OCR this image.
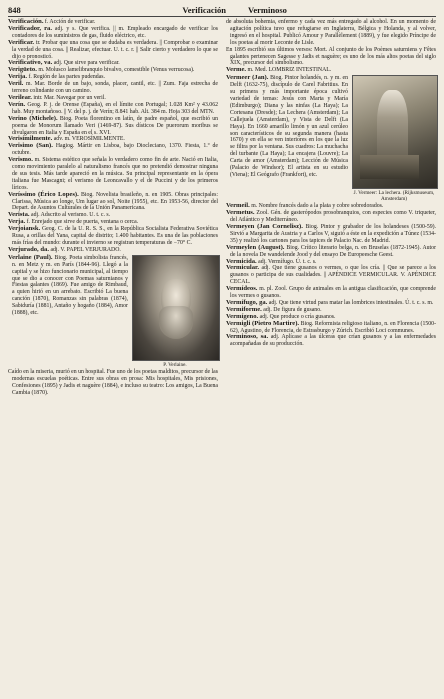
848	Verificación	Verminoso

Verificación. f. Acción de verificar.

Verificador, ra. adj. y s. Que verifica. || m. Empleado encargado de verificar los contadores de los suministros de gas, fluido eléctrico, etc.

Verificar. tr. Probar que una cosa que se dudaba es verdadera. || Comprobar o examinar la verdad de una cosa. || Realizar, efectuar. U. t. c. r. || Salir cierto y verdadero lo que se dijo o pronosticó.

Verificativo, va. adj. Que sirve para verificar.

Verigüeto. m. Molusco lamelibranquio bivalvo, comestible (Venus verrucosa).

Verija. f. Región de las partes pudendas.

Veril. m. Mar. Borde de un bajo, sonda, placer, cantil, etc. || Zum. Faja estrecha de terreno colindante con un camino.

Verilear. intr. Mar. Navegar por un veril.

Verín. Geog. P. j. de Orense (España), en el límite con Portugal; 1.028 Km² y 43.062 hab. Muy montañoso. || V. del p. j. de Verín; 8.841 hab. Alt. 384 m. Hoja 303 del MTN.

Verino (Michele). Biog. Poeta florentino en latín, de padre español, que escribió un poema de Monorum llamado Veri (1469-87). Sus dísticos De puerorum moribus se divulgaron en Italia y España en el s. XVI.

Verisímilmente. adv. m. VEROSÍMILMENTE.

Verisimo (San). Hagiog. Mártir en Lisboa, bajo Diocleciano, 1370. Fiesta, 1.º de octubre.

Verismo. m. Sistema estético que señala lo verdadero como fin de arte. Nació en Italia, como movimiento paralelo al naturalismo francés que no pretendió demostrar ninguna de sus tesis. Más tarde apareció en la música. Su principal representante en la ópera italiana fue Mascagni; el verismo de Leoncavallo y el de Puccini y de los primeros líricos.

Veríssimo (Érico Lopes). Biog. Novelista brasileño, n. en 1905. Obras principales: Clarissa, Música ao longe, Um lugar ao sol, Noite (1955), etc. En 1953-56, director del Depart. de Asuntos Culturales de la Unión Panamericana.

Verista. adj. Adscrito al verismo. U. t. c. s.

Verja. f. Enrejado que sirve de puerta, ventana o cerca.

Verjoiansk. Geog. C. de la U. R. S. S., en la República Socialista Federativa Soviética Rusa, a orillas del Yana, capital de distrito; 1.400 habitantes. Es una de las poblaciones más frías del mundo: durante el invierno se registran temperaturas de −70° C.

Verjurado, da. adj. V. PAPEL VERJURADO.

Verlaine (Paul). Biog. Poeta simbolista francés, n. en Metz y m. en París (1844-96). Llegó a la capital y se hizo funcionario municipal, al tiempo que se dio a conocer con Poemas saturnianos y Fiestas galantes (1869). Fue amigo de Rimbaud, a quien hirió en un arrebato. Escribió La buena canción (1870), Romanzas sin palabras (1874), Sabiduría (1881), Antaño y hogaño (1884), Amor (1888), etc.

P. Verlaine.

Caído en la miseria, murió en un hospital. Fue uno de los poetas malditos, precursor de las modernas escuelas poéticas. Entre sus obras en prosa: Mis hospitales, Mis prisiones, Confesiones (1895) y Jadis et naguère (1884), e incluso su teatro: Los amigos, La Buena Cambia (1870).

de absoluta bohemia, enfermo y cada vez más entregado al alcohol. En un momento de agitación política tuvo que refugiarse en Inglaterra, Bélgica y Holanda, y al volver, ingresó en el hospital. Publicó Amour y Parallèlement (1889), y fue elegido Príncipe de los poetas al morir Leconte de Lisle.

En 1895 escribió sus últimos versos: Mort. Al conjunto de los Poèmes saturniens y Fêtes galantes pertenecen Sagesse y Jadis et naguère; es uno de los más altos poetas del siglo XIX, precursor del simbolismo.

Verme. m. Med. LOMBRIZ INTESTINAL.

Vermeer (Jan). Biog. Pintor holandés, n. y m. en Delft (1632-75), discípulo de Carel Fabritius. En su primera y más importante época cultivó variedad de temas: Jesús con Marta y María (Edimburgo); Diana y las ninfas (La Haya); La Cortesana (Dresde); La Lechera (Amsterdam); La Callejuela (Amsterdam), y Vista de Delft (La Haya). En 1660 amarillo limón y un azul cerúleo son característicos de su segunda manera (hasta 1670) y en ella se ven interiores en los que la luz se filtra por la ventana. Sus cuadros: La muchacha del turbante (La Haya); La encajera (Louvre); La Carta de amor (Amsterdam); Lección de Música (Palacio de Windsor); El artista en su estudio (Viena); El Geógrafo (Frankfort), etc.

J. Vermeer: La lechera. (Rijksmuseum, Amsterdam)

Vermeil. m. Nombre francés dado a la plata y cobre sobredorados.

Vermetus. Zool. Gén. de gasterópodos prosobranquios, con especies como V. triqueter, del Atlántico y Mediterráneo.

Vermeyen (Jan Cornelisz). Biog. Pintor y grabador de los holandeses (1500-59). Sirvió a Margarita de Austria y a Carlos V, siguió a éste en la expedición a Túnez (1534-35) y realizó los cartones para los tapices de Palacio Nac. de Madrid.

Vermeylen (August). Biog. Crítico literario belga, n. en Bruselas (1872-1945). Autor de la novela De wandelende Jood y del ensayo De Europeesche Geest.

Vermicida. adj. Vermífugo. Ú. t. c. s.

Vermicular. adj. Que tiene gusanos o vermes, o que los cría. || Que se parece a los gusanos o participa de sus cualidades. || APÉNDICE VERMICULAR. V. APÉNDICE CECAL.

Vermídeos. m. pl. Zool. Grupo de animales en la antigua clasificación, que comprende los vermes o gusanos.

Vermífugo, ga. adj. Que tiene virtud para matar las lombrices intestinales. Ú. t. c. s. m.

Vermiforme. adj. De figura de gusano.

Vermígeno. adj. Que produce o cría gusanos.

Vermigli (Pietro Martire). Biog. Reformista religioso italiano, n. en Florencia (1500-62), Agustino, de Florencia, de Estrasburgo y Zúrich. Escribió Loci communes.

Verminoso, sa. adj. Aplícase a las úlceras que crían gusanos y a las enfermedades acompañadas de su producción.
